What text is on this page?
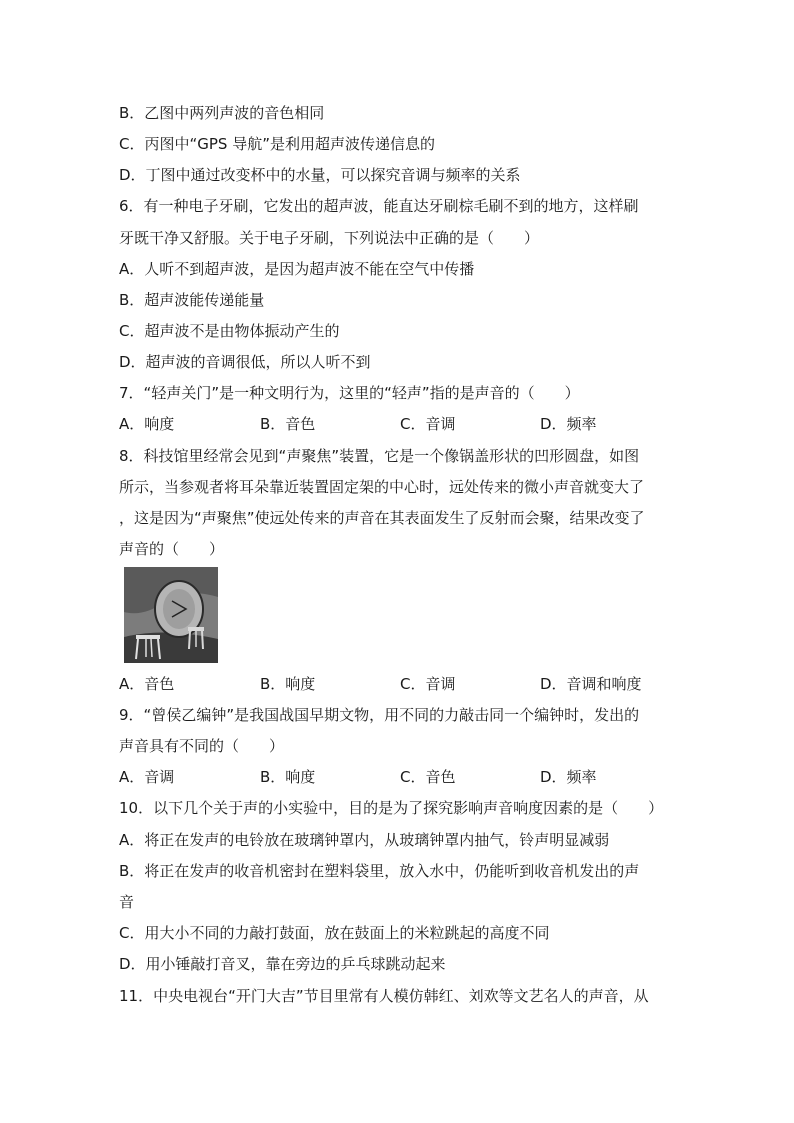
B．乙图中两列声波的音色相同
C．丙图中“GPS 导航”是利用超声波传递信息的
D．丁图中通过改变杯中的水量，可以探究音调与频率的关系
6．有一种电子牙刷，它发出的超声波，能直达牙刷棕毛刷不到的地方，这样刷
牙既干净又舒服。关于电子牙刷，下列说法中正确的是（　　）
A．人听不到超声波，是因为超声波不能在空气中传播
B．超声波能传递能量
C．超声波不是由物体振动产生的
D．超声波的音调很低，所以人听不到
7．“轻声关门”是一种文明行为，这里的“轻声”指的是声音的（　　）
A．响度	B．音色	C．音调	D．频率
8．科技馆里经常会见到“声聚焦”装置，它是一个像锅盖形状的凹形圆盘，如图
所示，当参观者将耳朵靠近装置固定架的中心时，远处传来的微小声音就变大了
，这是因为“声聚焦”使远处传来的声音在其表面发生了反射而会聚，结果改变了
声音的（　　）
A．音色	B．响度	C．音调	D．音调和响度
9．“曾侯乙编钟”是我国战国早期文物，用不同的力敲击同一个编钟时，发出的
声音具有不同的（　　）
A．音调	B．响度	C．音色	D．频率
10．以下几个关于声的小实验中，目的是为了探究影响声音响度因素的是（　　）
A．将正在发声的电铃放在玻璃钟罩内，从玻璃钟罩内抽气，铃声明显减弱
B．将正在发声的收音机密封在塑料袋里，放入水中，仍能听到收音机发出的声
音
C．用大小不同的力敲打鼓面，放在鼓面上的米粒跳起的高度不同
D．用小锤敲打音叉，靠在旁边的乒乓球跳动起来
11．中央电视台“开门大吉”节目里常有人模仿韩红、刘欢等文艺名人的声音，从
